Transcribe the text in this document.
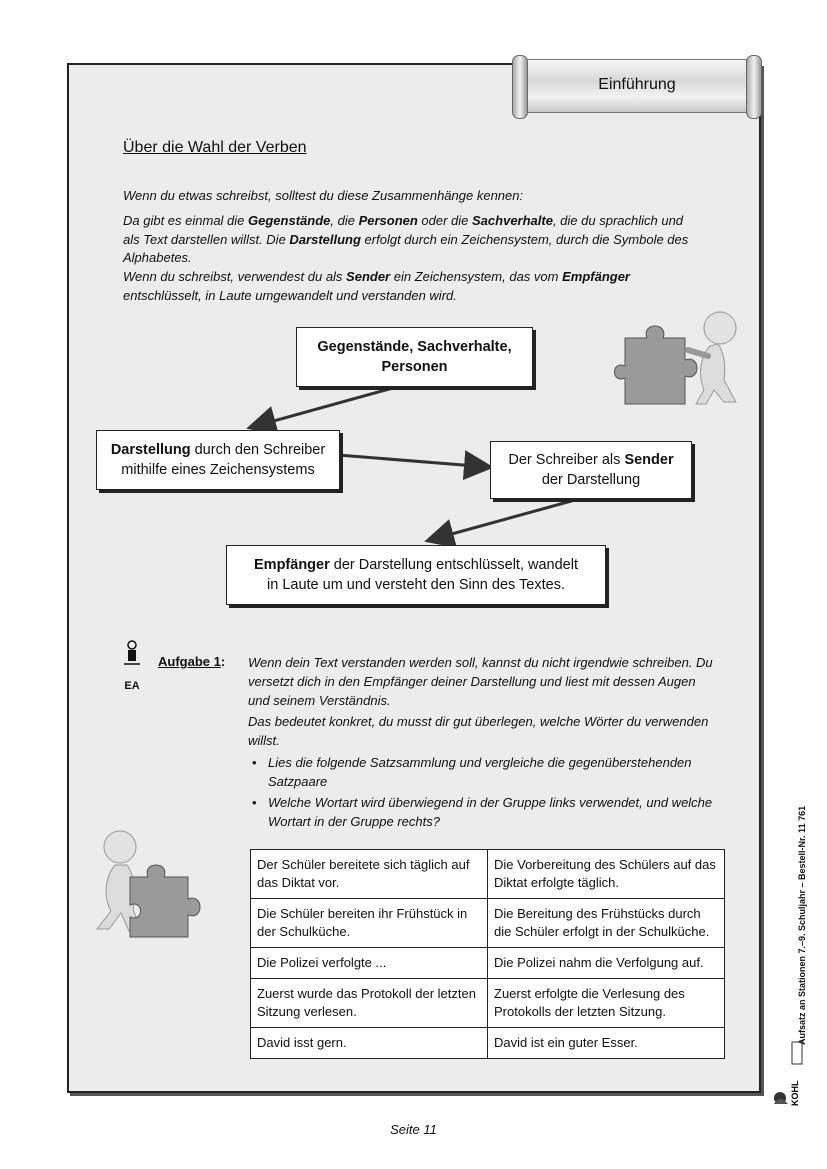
Einführung
Über die Wahl der Verben
Wenn du etwas schreibst, solltest du diese Zusammenhänge kennen:
Da gibt es einmal die Gegenstände, die Personen oder die Sachverhalte, die du sprachlich und als Text darstellen willst. Die Darstellung erfolgt durch ein Zeichensystem, durch die Symbole des Alphabetes.
Wenn du schreibst, verwendest du als Sender ein Zeichensystem, das vom Empfänger entschlüsselt, in Laute umgewandelt und verstanden wird.
Gegenstände, Sachverhalte,
Personen
Darstellung durch den Schreiber
mithilfe eines Zeichensystems
Der Schreiber als Sender
der Darstellung
Empfänger der Darstellung entschlüsselt, wandelt
in Laute um und versteht den Sinn des Textes.
EA
Aufgabe 1: Wenn dein Text verstanden werden soll, kannst du nicht irgendwie schreiben. Du versetzt dich in den Empfänger deiner Darstellung und liest mit dessen Augen und seinem Verständnis.
Das bedeutet konkret, du musst dir gut überlegen, welche Wörter du verwenden willst.
• Lies die folgende Satzsammlung und vergleiche die gegenüberstehenden Satzpaare
• Welche Wortart wird überwiegend in der Gruppe links verwendet, und welche Wortart in der Gruppe rechts?
Der Schüler bereitete sich täglich auf das Diktat vor.	Die Vorbereitung des Schülers auf das Diktat erfolgte täglich.
Die Schüler bereiten ihr Frühstück in der Schulküche.	Die Bereitung des Frühstücks durch die Schüler erfolgt in der Schulküche.
Die Polizei verfolgte ...	Die Polizei nahm die Verfolgung auf.
Zuerst wurde das Protokoll der letzten Sitzung verlesen.	Zuerst erfolgte die Verlesung des Protokolls der letzten Sitzung.
David isst gern.	David ist ein guter Esser.	Aufsatz an Stationen 7.–9. Schuljahr – Bestell-Nr. 11 761
KOHL
Seite 11
